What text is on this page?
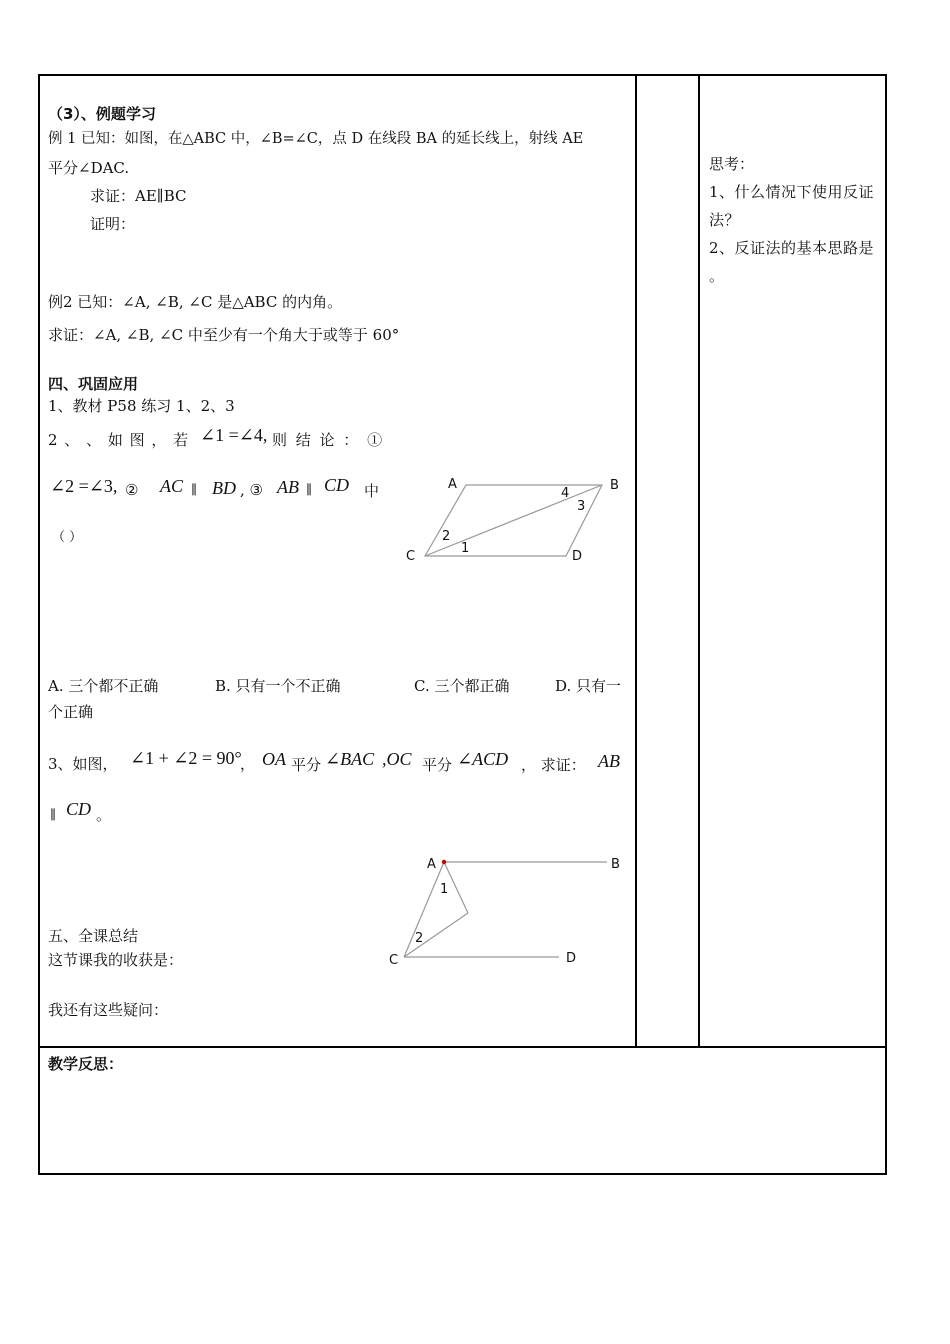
（3）、例题学习
例 1 已知：如图，在△ABC 中，∠B=∠C，点 D 在线段 BA 的延长线上，射线 AE
平分∠DAC.
求证：AE∥BC
证明：
例2 已知：∠A, ∠B, ∠C 是△ABC 的内角。
求证：∠A, ∠B, ∠C 中至少有一个角大于或等于 60°
四、巩固应用
1、教材 P58 练习 1、2、3
2 、 、 如 图 ， 若 ∠1 =∠4, 则 结 论 ： ①
∠2 =∠3, ② AC ∥ BD , ③ AB ∥ CD 中
（ ）
A	B
C	D
1
2
3
4
A. 三个都不正确	B. 只有一个不正确	C. 三个都正确	D. 只有一
个正确
3、如图， ∠1 + ∠2 = 90°
， OA 平分 ∠BAC ,OC 平分 ∠ACD ， 求证： AB
∥ CD 。
A	B
C	D
1
2
五、全课总结
这节课我的收获是：
我还有这些疑问：
思考：
1、什么情况下使用反证法？
2、反证法的基本思路是
。
教学反思：
